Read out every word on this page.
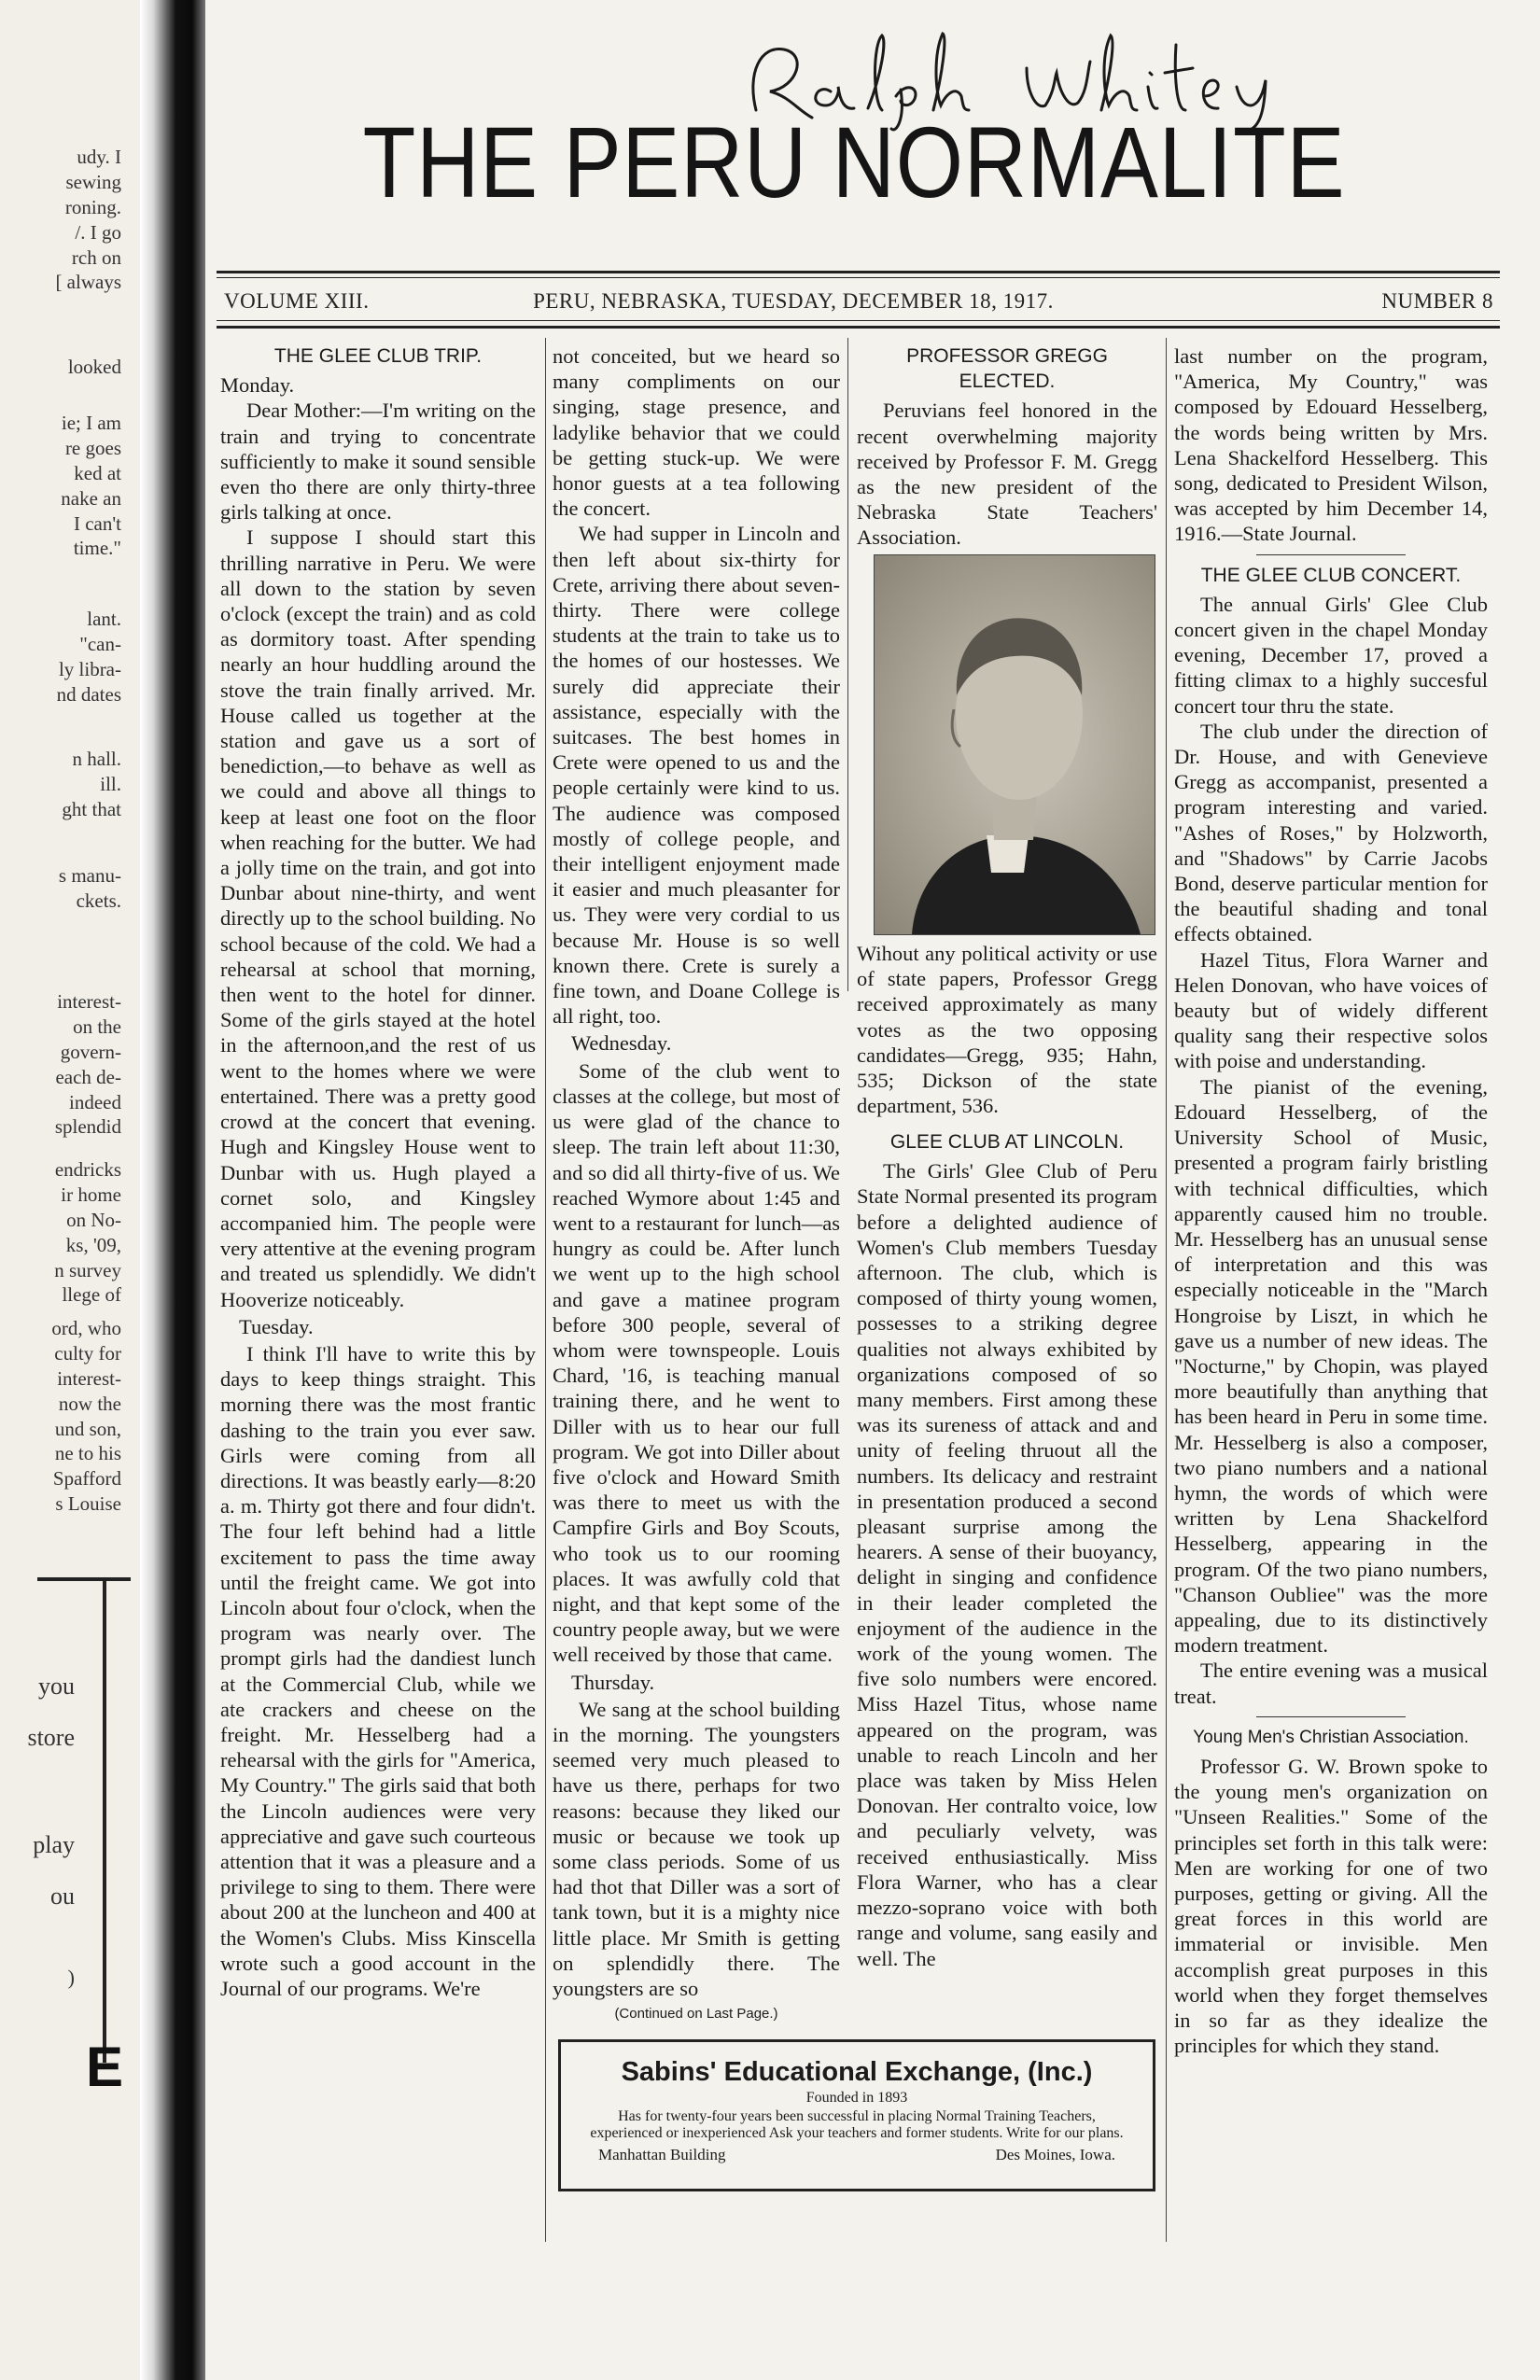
udy. I
sewing
roning.
/. I go
rch on
[ always
looked
ie; I am
re goes
ked at
nake an
I can't
time."
lant.
"can-
ly libra-
nd dates
n hall.
ill.
ght that
s manu-
ckets.
interest-
on the
govern-
each de-
indeed
splendid
endricks
ir home
on No-
ks, '09,
n survey
llege of
ord, who
culty for
interest-
now the
und son,
ne to his
Spafford
s Louise
you
store
play
ou
)
E
THE PERU NORMALITE
VOLUME XIII.	PERU, NEBRASKA, TUESDAY, DECEMBER 18, 1917.	NUMBER 8
THE GLEE CLUB TRIP.

Monday.

Dear Mother:—I'm writing on the train and trying to concentrate sufficiently to make it sound sensible even tho there are only thirty-three girls talking at once.

I suppose I should start this thrilling narrative in Peru. We were all down to the station by seven o'clock (except the train) and as cold as dormitory toast. After spending nearly an hour huddling around the stove the train finally arrived. Mr. House called us together at the station and gave us a sort of benediction,—to behave as well as we could and above all things to keep at least one foot on the floor when reaching for the butter. We had a jolly time on the train, and got into Dunbar about nine-thirty, and went directly up to the school building. No school because of the cold. We had a rehearsal at school that morning, then went to the hotel for dinner. Some of the girls stayed at the hotel in the afternoon,and the rest of us went to the homes where we were entertained. There was a pretty good crowd at the concert that evening. Hugh and Kingsley House went to Dunbar with us. Hugh played a cornet solo, and Kingsley accompanied him. The people were very attentive at the evening program and treated us splendidly. We didn't Hooverize noticeably.

Tuesday.

I think I'll have to write this by days to keep things straight. This morning there was the most frantic dashing to the train you ever saw. Girls were coming from all directions. It was beastly early—8:20 a. m. Thirty got there and four didn't. The four left behind had a little excitement to pass the time away until the freight came. We got into Lincoln about four o'clock, when the program was nearly over. The prompt girls had the dandiest lunch at the Commercial Club, while we ate crackers and cheese on the freight. Mr. Hesselberg had a rehearsal with the girls for "America, My Country." The girls said that both the Lincoln audiences were very appreciative and gave such courteous attention that it was a pleasure and a privilege to sing to them. There were about 200 at the luncheon and 400 at the Women's Clubs. Miss Kinscella wrote such a good account in the Journal of our programs. We're

not conceited, but we heard so many compliments on our singing, stage presence, and ladylike behavior that we could be getting stuck-up. We were honor guests at a tea following the concert.

We had supper in Lincoln and then left about six-thirty for Crete, arriving there about seven-thirty. There were college students at the train to take us to the homes of our hostesses. We surely did appreciate their assistance, especially with the suitcases. The best homes in Crete were opened to us and the people certainly were kind to us. The audience was composed mostly of college people, and their intelligent enjoyment made it easier and much pleasanter for us. They were very cordial to us because Mr. House is so well known there. Crete is surely a fine town, and Doane College is all right, too.

Wednesday.

Some of the club went to classes at the college, but most of us were glad of the chance to sleep. The train left about 11:30, and so did all thirty-five of us. We reached Wymore about 1:45 and went to a restaurant for lunch—as hungry as could be. After lunch we went up to the high school and gave a matinee program before 300 people, several of whom were townspeople. Louis Chard, '16, is teaching manual training there, and he went to Diller with us to hear our full program. We got into Diller about five o'clock and Howard Smith was there to meet us with the Campfire Girls and Boy Scouts, who took us to our rooming places. It was awfully cold that night, and that kept some of the country people away, but we were well received by those that came.

Thursday.

We sang at the school building in the morning. The youngsters seemed very much pleased to have us there, perhaps for two reasons: because they liked our music or because we took up some class periods. Some of us had thot that Diller was a sort of tank town, but it is a mighty nice little place. Mr Smith is getting on splendidly there. The youngsters are so

(Continued on Last Page.)
PROFESSOR GREGG ELECTED.

Peruvians feel honored in the recent overwhelming majority received by Professor F. M. Gregg as the new president of the Nebraska State Teachers' Association.

Wihout any political activity or use of state papers, Professor Gregg received approximately as many votes as the two opposing candidates—Gregg, 935; Hahn, 535; Dickson of the state department, 536.

GLEE CLUB AT LINCOLN.

The Girls' Glee Club of Peru State Normal presented its program before a delighted audience of Women's Club members Tuesday afternoon. The club, which is composed of thirty young women, possesses to a striking degree qualities not always exhibited by organizations composed of so many members. First among these was its sureness of attack and and unity of feeling thruout all the numbers. Its delicacy and restraint in presentation produced a second pleasant surprise among the hearers. A sense of their buoyancy, delight in singing and confidence in their leader completed the enjoyment of the audience in the work of the young women. The five solo numbers were encored. Miss Hazel Titus, whose name appeared on the program, was unable to reach Lincoln and her place was taken by Miss Helen Donovan. Her contralto voice, low and peculiarly velvety, was received enthusiastically. Miss Flora Warner, who has a clear mezzo-soprano voice with both range and volume, sang easily and well. The

last number on the program, "America, My Country," was composed by Edouard Hesselberg, the words being written by Mrs. Lena Shackelford Hesselberg. This song, dedicated to President Wilson, was accepted by him December 14, 1916.—State Journal.

THE GLEE CLUB CONCERT.

The annual Girls' Glee Club concert given in the chapel Monday evening, December 17, proved a fitting climax to a highly succesful concert tour thru the state.

The club under the direction of Dr. House, and with Genevieve Gregg as accompanist, presented a program interesting and varied. "Ashes of Roses," by Holzworth, and "Shadows" by Carrie Jacobs Bond, deserve particular mention for the beautiful shading and tonal effects obtained.

Hazel Titus, Flora Warner and Helen Donovan, who have voices of beauty but of widely different quality sang their respective solos with poise and understanding.

The pianist of the evening, Edouard Hesselberg, of the University School of Music, presented a program fairly bristling with technical difficulties, which apparently caused him no trouble. Mr. Hesselberg has an unusual sense of interpretation and this was especially noticeable in the "March Hongroise by Liszt, in which he gave us a number of new ideas. The "Nocturne," by Chopin, was played more beautifully than anything that has been heard in Peru in some time. Mr. Hesselberg is also a composer, two piano numbers and a national hymn, the words of which were written by Lena Shackelford Hesselberg, appearing in the program. Of the two piano numbers, "Chanson Oubliee" was the more appealing, due to its distinctively modern treatment.

The entire evening was a musical treat.

Young Men's Christian Association.

Professor G. W. Brown spoke to the young men's organization on "Unseen Realities." Some of the principles set forth in this talk were: Men are working for one of two purposes, getting or giving. All the great forces in this world are immaterial or invisible. Men accomplish great purposes in this world when they forget themselves in so far as they idealize the principles for which they stand.

Sabins' Educational Exchange, (Inc.)
Founded in 1893
Has for twenty-four years been successful in placing Normal Training Teachers, experienced or inexperienced Ask your teachers and former students. Write for our plans.
Manhattan Building	Des Moines, Iowa.
